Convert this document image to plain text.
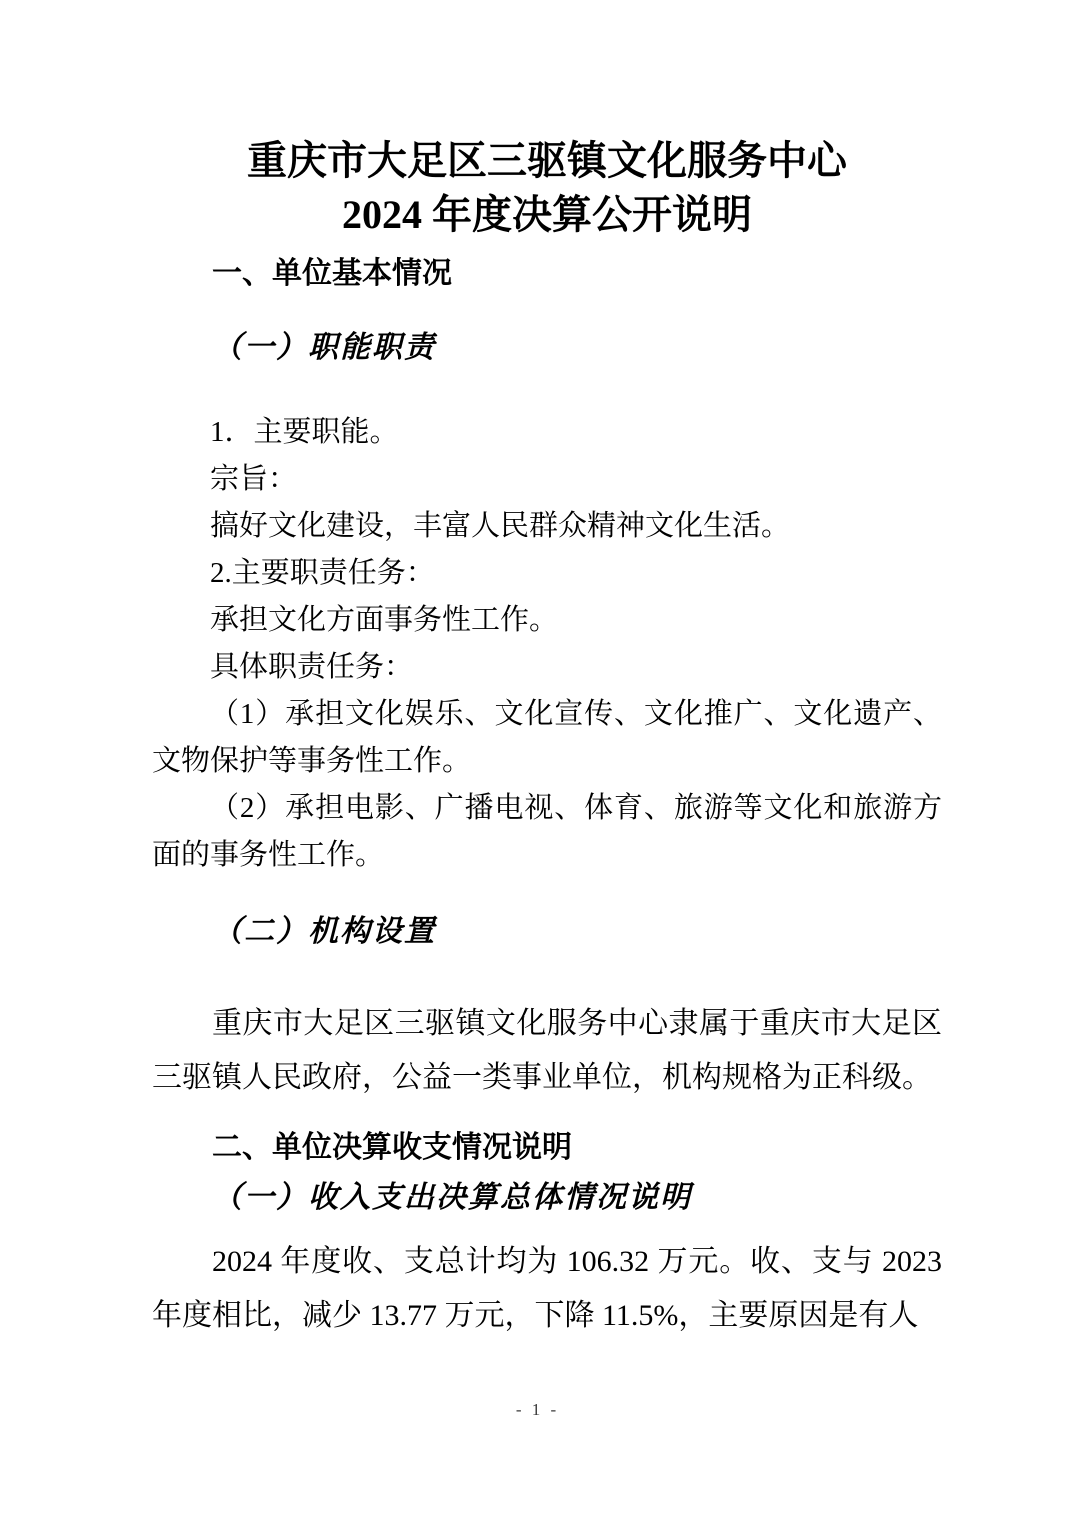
重庆市大足区三驱镇文化服务中心
2024 年度决算公开说明
一、单位基本情况
（一）职能职责

1．主要职能。

宗旨：

搞好文化建设，丰富人民群众精神文化生活。

2.主要职责任务：

承担文化方面事务性工作。

具体职责任务：

（1）承担文化娱乐、文化宣传、文化推广、文化遗产、文物保护等事务性工作。

（2）承担电影、广播电视、体育、旅游等文化和旅游方面的事务性工作。

（二）机构设置

重庆市大足区三驱镇文化服务中心隶属于重庆市大足区三驱镇人民政府，公益一类事业单位，机构规格为正科级。

二、单位决算收支情况说明
（一）收入支出决算总体情况说明

2024 年度收、支总计均为 106.32 万元。收、支与 2023 年度相比，减少 13.77 万元，下降 11.5%，主要原因是有人

- 1 -
